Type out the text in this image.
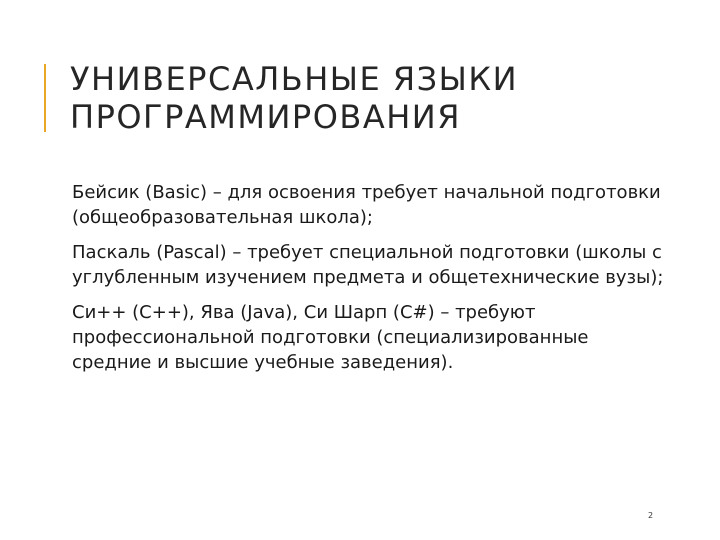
УНИВЕРСАЛЬНЫЕ ЯЗЫКИ
ПРОГРАММИРОВАНИЯ
Бейсик (Basic) – для освоения требует начальной подготовки (общеобразовательная школа);
Паскаль (Pascal) – требует специальной подготовки (школы с углубленным изучением предмета и общетехнические вузы);
Си++ (С++), Ява (Java), Си Шарп (C#) – требуют профессиональной подготовки (специализированные средние и высшие учебные заведения).
2
